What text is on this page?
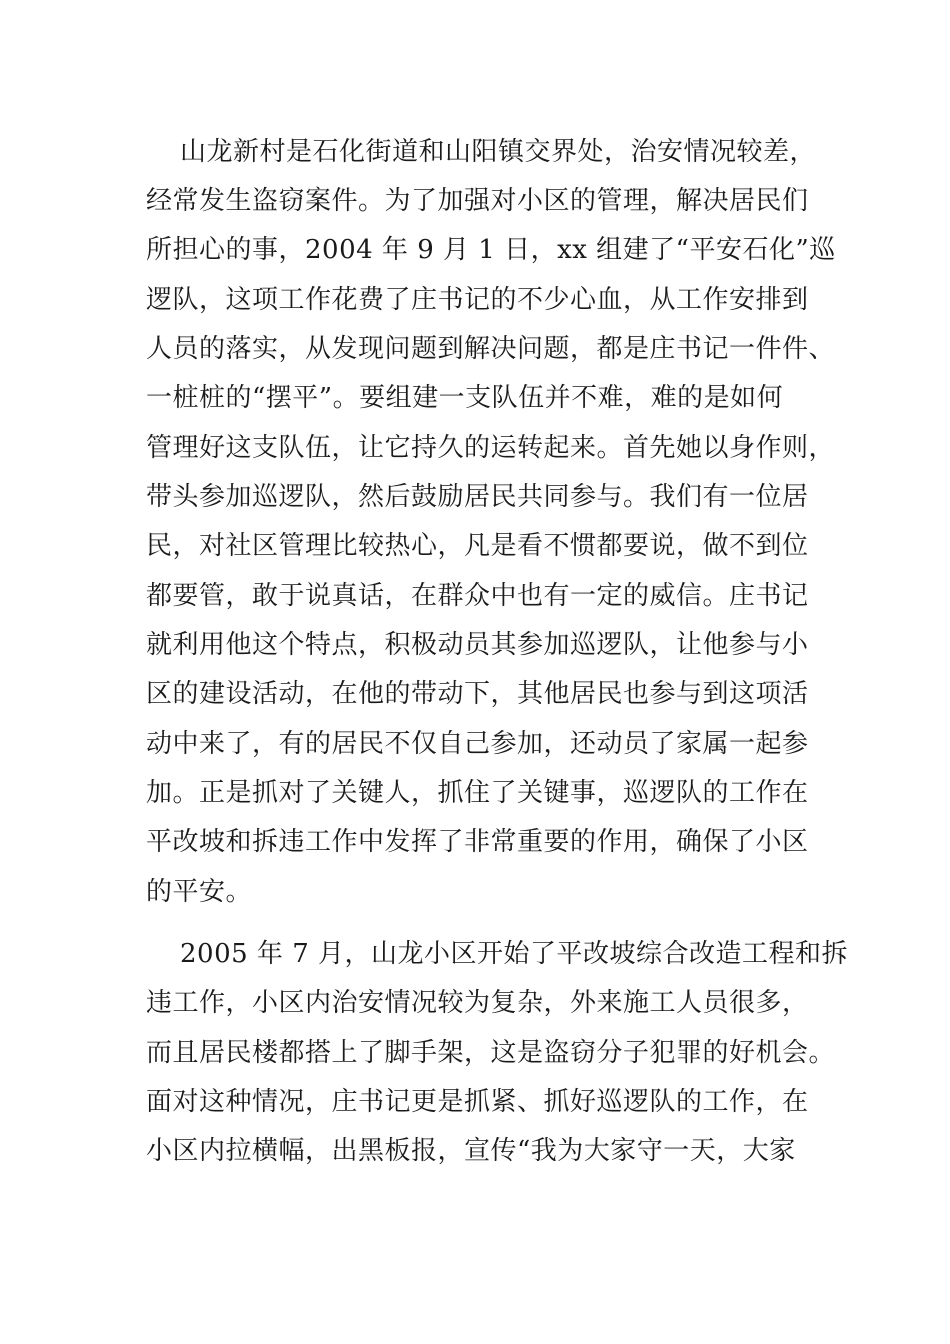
山龙新村是石化街道和山阳镇交界处，治安情况较差，

经常发生盗窃案件。为了加强对小区的管理，解决居民们

所担心的事，2004 年 9 月 1 日，xx 组建了“平安石化”巡

逻队，这项工作花费了庄书记的不少心血，从工作安排到

人员的落实，从发现问题到解决问题，都是庄书记一件件、

一桩桩的“摆平”。要组建一支队伍并不难，难的是如何

管理好这支队伍，让它持久的运转起来。首先她以身作则，

带头参加巡逻队，然后鼓励居民共同参与。我们有一位居

民，对社区管理比较热心，凡是看不惯都要说，做不到位

都要管，敢于说真话，在群众中也有一定的威信。庄书记

就利用他这个特点，积极动员其参加巡逻队，让他参与小

区的建设活动，在他的带动下，其他居民也参与到这项活

动中来了，有的居民不仅自己参加，还动员了家属一起参

加。正是抓对了关键人，抓住了关键事，巡逻队的工作在

平改坡和拆违工作中发挥了非常重要的作用，确保了小区

的平安。

2005 年 7 月，山龙小区开始了平改坡综合改造工程和拆

违工作，小区内治安情况较为复杂，外来施工人员很多，

而且居民楼都搭上了脚手架，这是盗窃分子犯罪的好机会。

面对这种情况，庄书记更是抓紧、抓好巡逻队的工作，在

小区内拉横幅，出黑板报，宣传“我为大家守一天，大家
